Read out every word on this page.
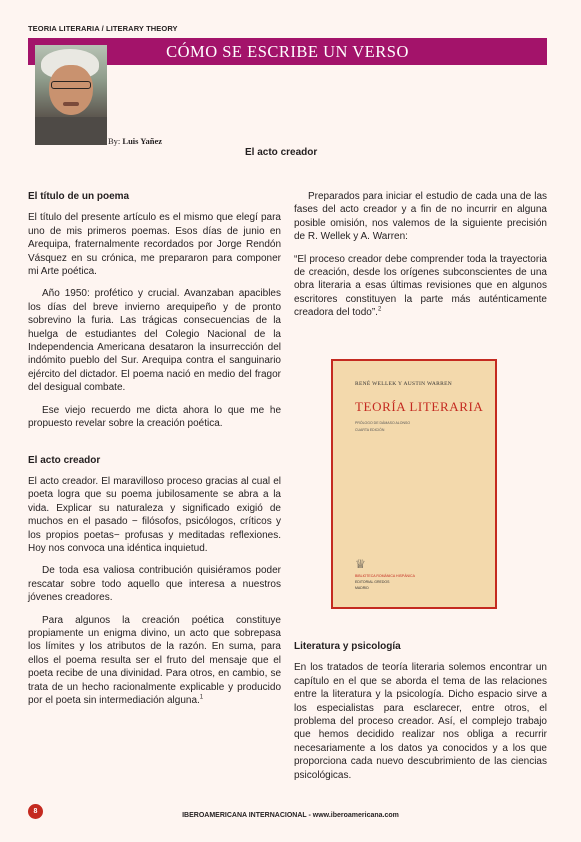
TEORIA LITERARIA / LITERARY THEORY
CÓMO SE ESCRIBE UN VERSO
By: Luis Yañez
El acto creador
El título de un poema

El título del presente artículo es el mismo que elegí para uno de mis primeros poemas. Esos días de junio en Arequipa, fraternalmente recordados por Jorge Rendón Vásquez en su crónica, me prepararon para componer mi Arte poética.

Año 1950: profético y crucial. Avanzaban apacibles los días del breve invierno arequipeño y de pronto sobrevino la furia. Las trágicas consecuencias de la huelga de estudiantes del Colegio Nacional de la Independencia Americana desataron la insurrección del indómito pueblo del Sur. Arequipa contra el sanguinario ejército del dictador. El poema nació en medio del fragor del desigual combate.

Ese viejo recuerdo me dicta ahora lo que me he propuesto revelar sobre la creación poética.

El acto creador

El acto creador. El maravilloso proceso gracias al cual el poeta logra que su poema jubilosamente se abra a la vida. Explicar su naturaleza y significado exigió de muchos en el pasado − filósofos, psicólogos, críticos y los propios poetas− profusas y meditadas reflexiones. Hoy nos convoca una idéntica inquietud.

De toda esa valiosa contribución quisiéramos poder rescatar sobre todo aquello que interesa a nuestros jóvenes creadores.

Para algunos la creación poética constituye propiamente un enigma divino, un acto que sobrepasa los límites y los atributos de la razón. En suma, para ellos el poema resulta ser el fruto del mensaje que el poeta recibe de una divinidad. Para otros, en cambio, se trata de un hecho racionalmente explicable y producido por el poeta sin intermediación alguna.$^1$

Preparados para iniciar el estudio de cada una de las fases del acto creador y a fin de no incurrir en alguna posible omisión, nos valemos de la siguiente precisión de R. Wellek y A. Warren:

“El proceso creador debe comprender toda la trayectoria de creación, desde los orígenes subconscientes de una obra literaria a esas últimas revisiones que en algunos escritores constituyen la parte más auténticamente creadora del todo”.$^2$

RENÉ WELLEK Y AUSTIN WARREN
TEORÍA LITERARIA
PRÓLOGO DE DÁMASO ALONSO
CUARTA EDICIÓN
♕
BIBLIOTECA ROMÁNICA HISPÁNICA
EDITORIAL GREDOS
MADRID
Literatura y psicología

En los tratados de teoría literaria solemos encontrar un capítulo en el que se aborda el tema de las relaciones entre la literatura y la psicología. Dicho espacio sirve a los especialistas para esclarecer, entre otros, el problema del proceso creador. Así, el complejo trabajo que hemos decidido realizar nos obliga a recurrir necesariamente a los datos ya conocidos y a los que proporciona cada nuevo descubrimiento de las ciencias psicológicas.

8
IBEROAMERICANA INTERNACIONAL - www.iberoamericana.com
